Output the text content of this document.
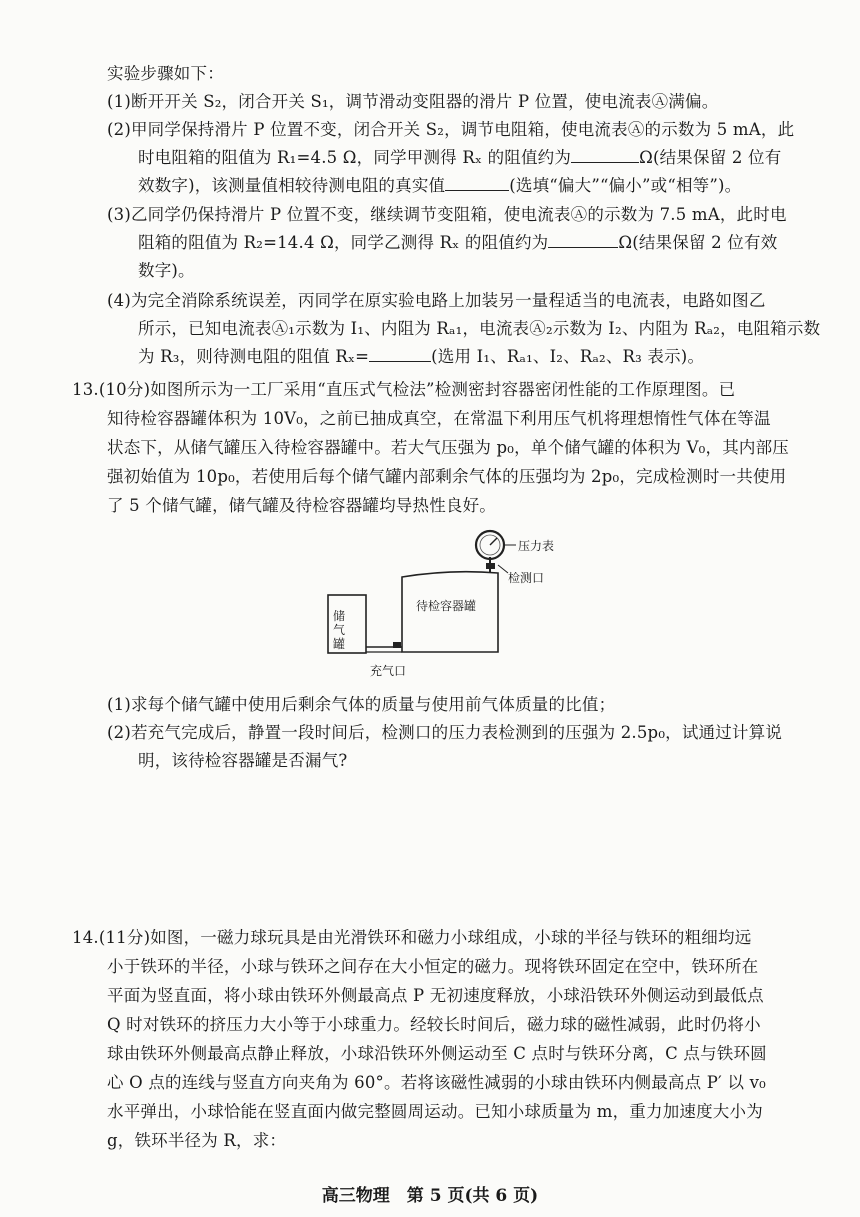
实验步骤如下：
(1)断开开关 S₂，闭合开关 S₁，调节滑动变阻器的滑片 P 位置，使电流表Ⓐ满偏。
(2)甲同学保持滑片 P 位置不变，闭合开关 S₂，调节电阻箱，使电流表Ⓐ的示数为 5 mA，此
时电阻箱的阻值为 R₁=4.5 Ω，同学甲测得 Rₓ 的阻值约为	Ω(结果保留 2 位有
效数字)，该测量值相较待测电阻的真实值	(选填“偏大”“偏小”或“相等”)。
(3)乙同学仍保持滑片 P 位置不变，继续调节变阻箱，使电流表Ⓐ的示数为 7.5 mA，此时电
阻箱的阻值为 R₂=14.4 Ω，同学乙测得 Rₓ 的阻值约为	Ω(结果保留 2 位有效
数字)。
(4)为完全消除系统误差，丙同学在原实验电路上加装另一量程适当的电流表，电路如图乙
所示，已知电流表Ⓐ₁示数为 I₁、内阻为 Rₐ₁，电流表Ⓐ₂示数为 I₂、内阻为 Rₐ₂，电阻箱示数
为 R₃，则待测电阻的阻值 Rₓ=	(选用 I₁、Rₐ₁、I₂、Rₐ₂、R₃ 表示)。
13.(10分)如图所示为一工厂采用“直压式气检法”检测密封容器密闭性能的工作原理图。已
知待检容器罐体积为 10V₀，之前已抽成真空，在常温下利用压气机将理想惰性气体在等温
状态下，从储气罐压入待检容器罐中。若大气压强为 p₀，单个储气罐的体积为 V₀，其内部压
强初始值为 10p₀，若使用后每个储气罐内部剩余气体的压强均为 2p₀，完成检测时一共使用
了 5 个储气罐，储气罐及待检容器罐均导热性良好。
储气罐
待检容器罐
压力表
检测口
充气口
(1)求每个储气罐中使用后剩余气体的质量与使用前气体质量的比值；
(2)若充气完成后，静置一段时间后，检测口的压力表检测到的压强为 2.5p₀，试通过计算说
明，该待检容器罐是否漏气?
14.(11分)如图，一磁力球玩具是由光滑铁环和磁力小球组成，小球的半径与铁环的粗细均远
小于铁环的半径，小球与铁环之间存在大小恒定的磁力。现将铁环固定在空中，铁环所在
平面为竖直面，将小球由铁环外侧最高点 P 无初速度释放，小球沿铁环外侧运动到最低点
Q 时对铁环的挤压力大小等于小球重力。经较长时间后，磁力球的磁性减弱，此时仍将小
球由铁环外侧最高点静止释放，小球沿铁环外侧运动至 C 点时与铁环分离，C 点与铁环圆
心 O 点的连线与竖直方向夹角为 60°。若将该磁性减弱的小球由铁环内侧最高点 P′ 以 v₀
水平弹出，小球恰能在竖直面内做完整圆周运动。已知小球质量为 m，重力加速度大小为
g，铁环半径为 R，求：
高三物理　第 5 页(共 6 页)
